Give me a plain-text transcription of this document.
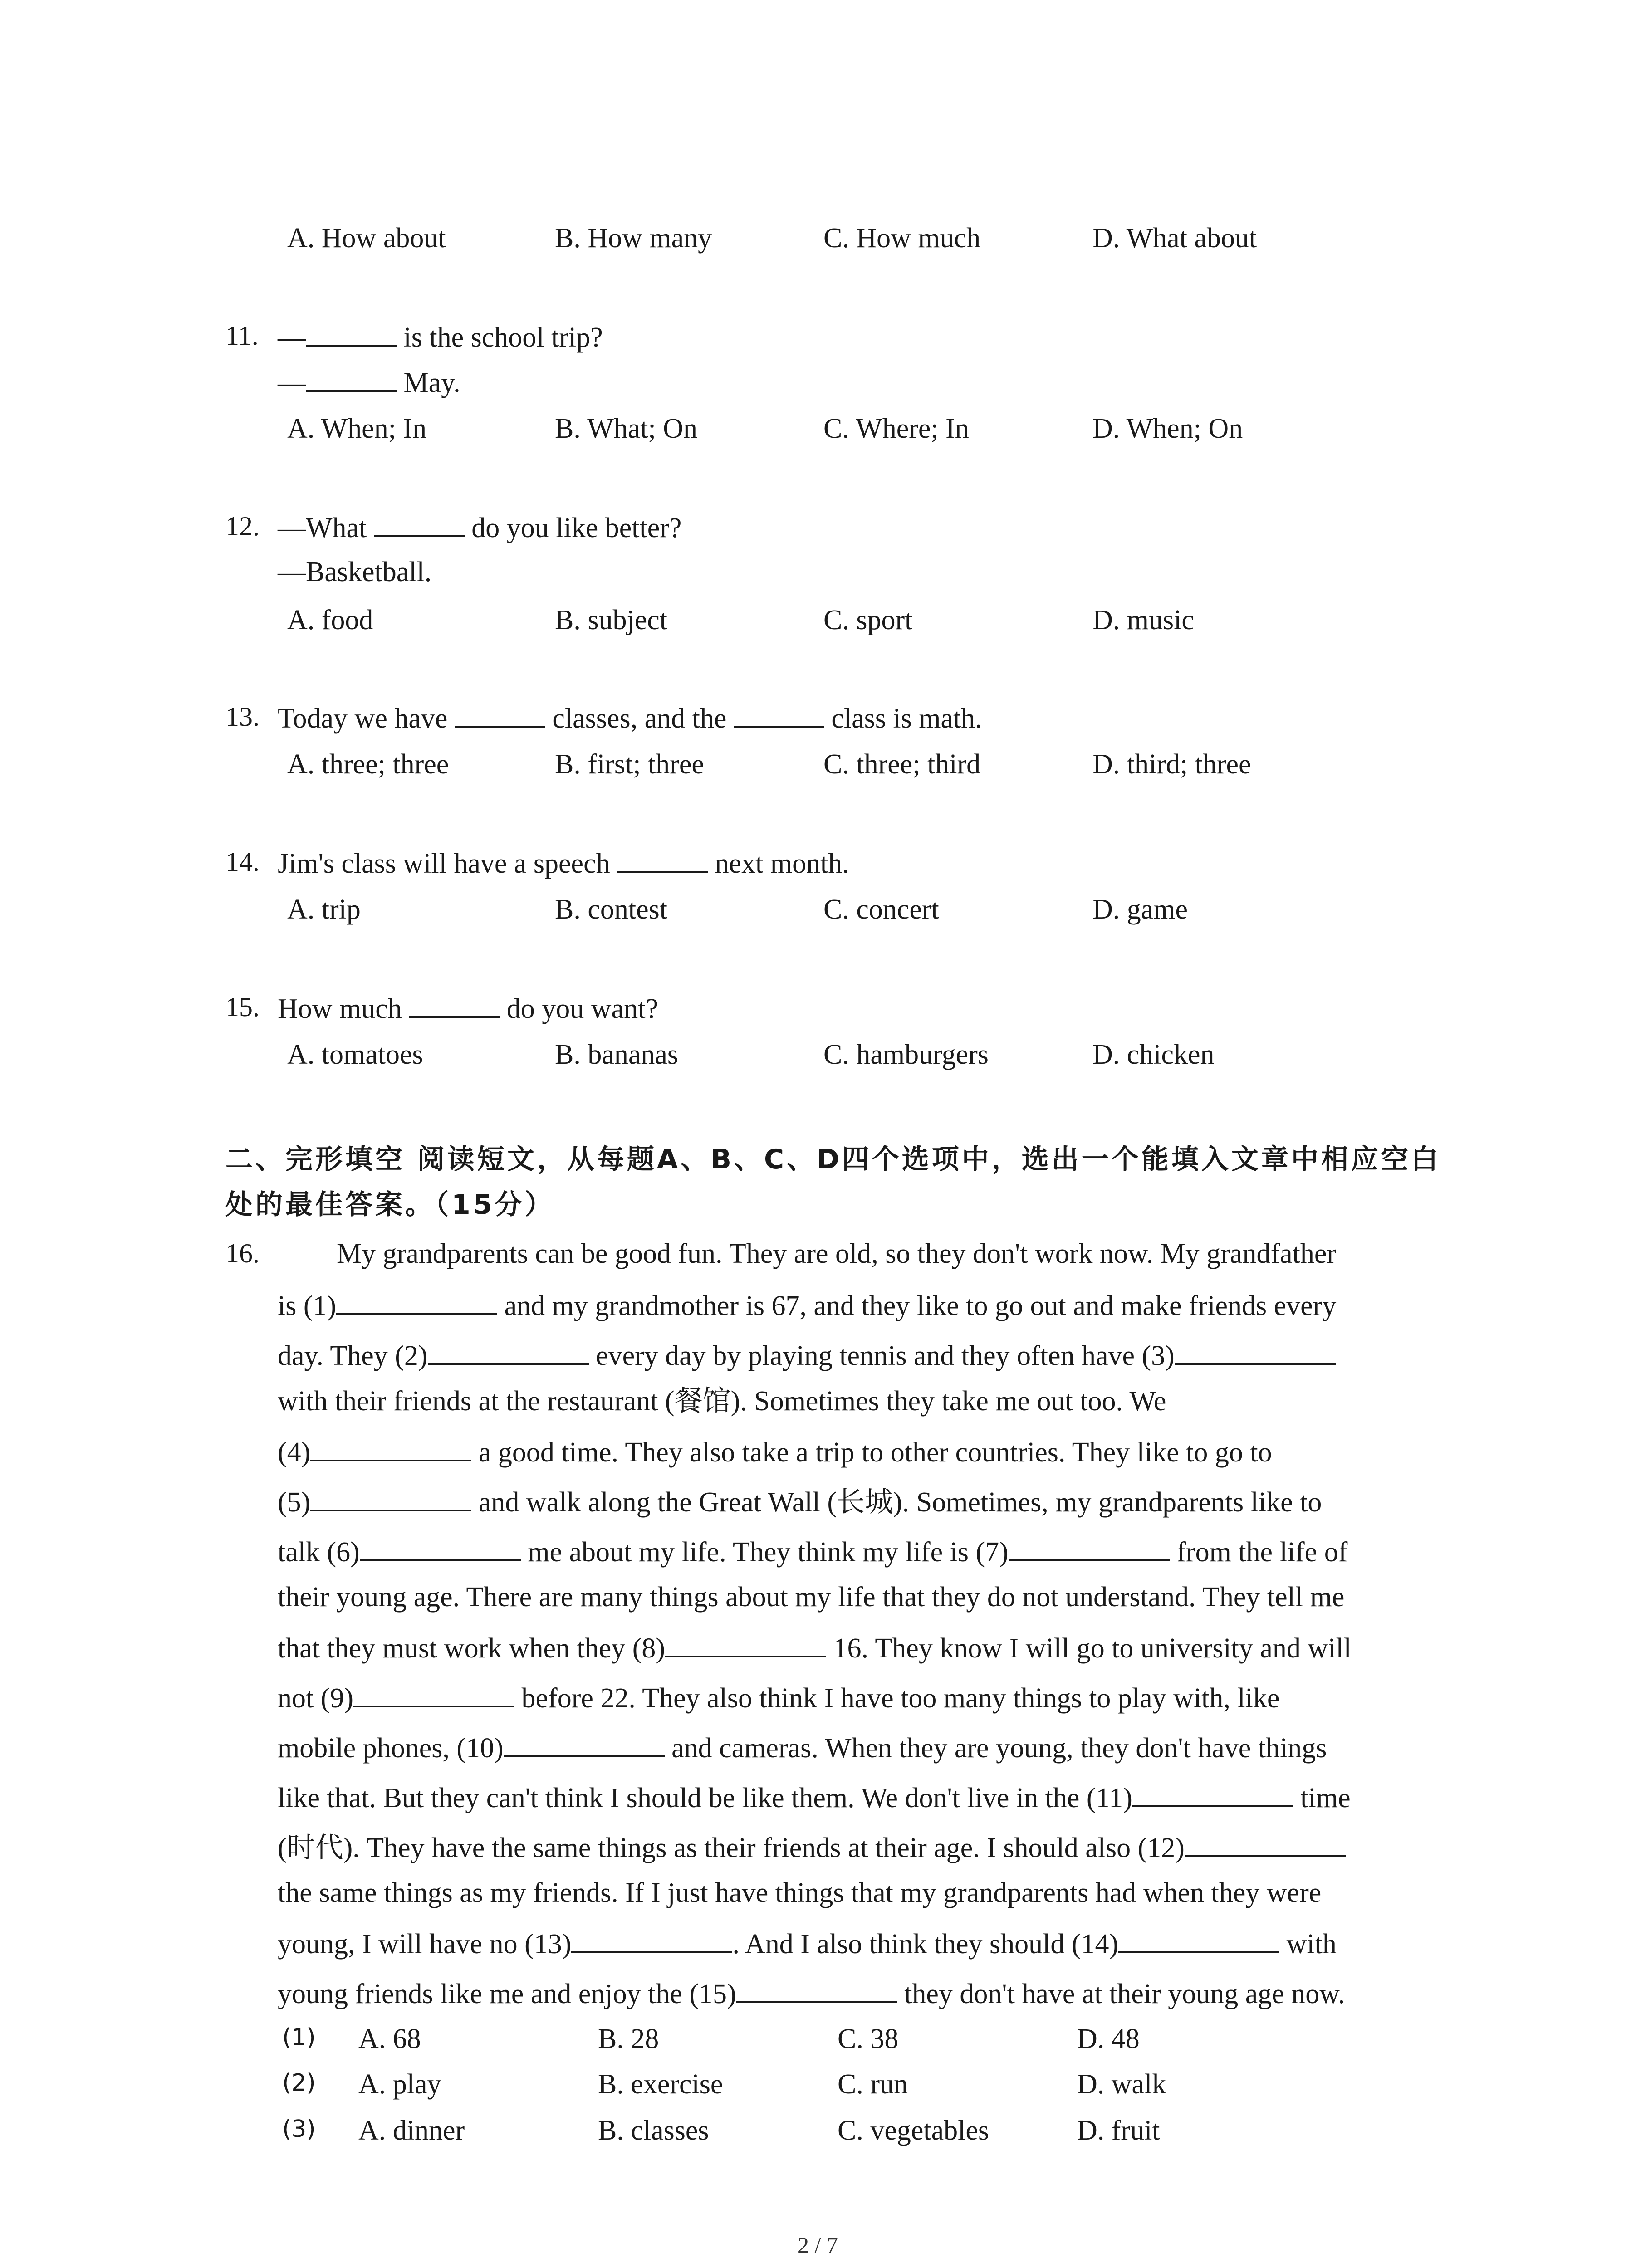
A. How about	B. How many	C. How much	D. What about
11. —	is the school trip?
—	May.
A. When; In	B. What; On	C. Where; In	D. When; On
12. —What	do you like better?
—Basketball.
A. food	B. subject	C. sport	D. music
13. Today we have	classes, and the	class is math.
A. three; three	B. first; three	C. three; third	D. third; three
14. Jim's class will have a speech	next month.
A. trip	B. contest	C. concert	D. game
15. How much	do you want?
A. tomatoes	B. bananas	C. hamburgers	D. chicken
二、完形填空 阅读短文，从每题A、B、C、D四个选项中，选出一个能填入文章中相应空白
处的最佳答案。（15分）
16.	My grandparents can be good fun. They are old, so they don't work now. My grandfather
is (1)	and my grandmother is 67, and they like to go out and make friends every
day. They (2)	every day by playing tennis and they often have (3)
with their friends at the restaurant (餐馆). Sometimes they take me out too. We
(4)	a good time. They also take a trip to other countries. They like to go to
(5)	and walk along the Great Wall (长城). Sometimes, my grandparents like to
talk (6)	me about my life. They think my life is (7)	from the life of
their young age. There are many things about my life that they do not understand. They tell me
that they must work when they (8)	16. They know I will go to university and will
not (9)	before 22. They also think I have too many things to play with, like
mobile phones, (10)	and cameras. When they are young, they don't have things
like that. But they can't think I should be like them. We don't live in the (11)	time
(时代). They have the same things as their friends at their age. I should also (12)
the same things as my friends. If I just have things that my grandparents had when they were
young, I will have no (13)	. And I also think they should (14)	with
young friends like me and enjoy the (15)	they don't have at their young age now.
(1) A. 68	B. 28	C. 38	D. 48
(2) A. play	B. exercise	C. run	D. walk
(3) A. dinner	B. classes	C. vegetables	D. fruit
2 / 7
